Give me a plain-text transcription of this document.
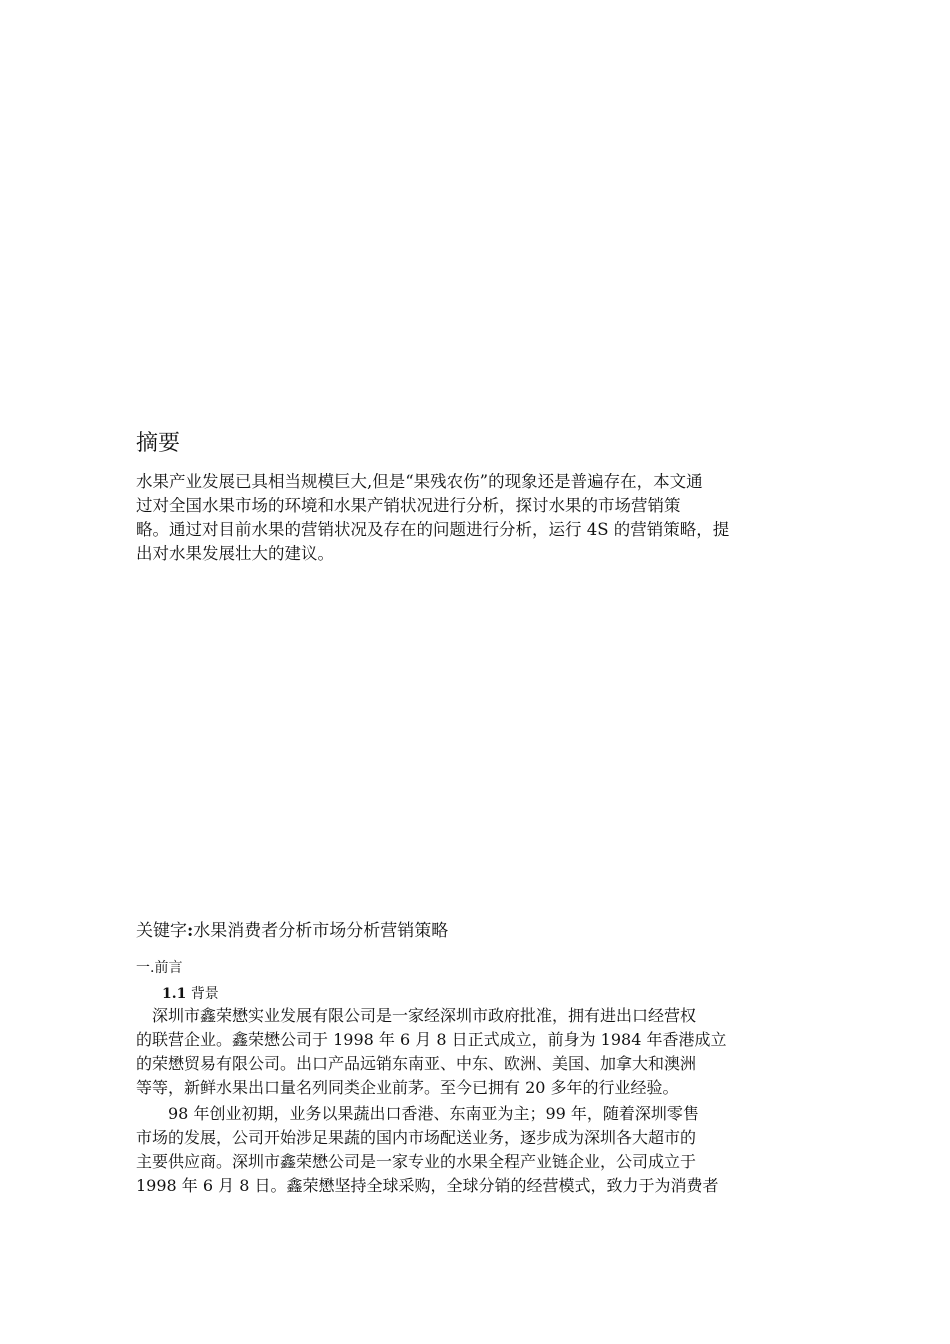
摘要

水果产业发展已具相当规模巨大,但是“果残农伤”的现象还是普遍存在，本文通
过对全国水果市场的环境和水果产销状况进行分析，探讨水果的市场营销策
略。通过对目前水果的营销状况及存在的问题进行分析，运行 4S 的营销策略，提
出对水果发展壮大的建议。

关键字:水果消费者分析市场分析营销策略
一.前言
1.1 背景
　深圳市鑫荣懋实业发展有限公司是一家经深圳市政府批准，拥有进出口经营权
的联营企业。鑫荣懋公司于 1998 年 6 月 8 日正式成立，前身为 1984 年香港成立
的荣懋贸易有限公司。出口产品远销东南亚、中东、欧洲、美国、加拿大和澳洲
等等，新鲜水果出口量名列同类企业前茅。至今已拥有 20 多年的行业经验。
　　98 年创业初期，业务以果蔬出口香港、东南亚为主；99 年，随着深圳零售
市场的发展，公司开始涉足果蔬的国内市场配送业务，逐步成为深圳各大超市的
主要供应商。深圳市鑫荣懋公司是一家专业的水果全程产业链企业，公司成立于
1998 年 6 月 8 日。鑫荣懋坚持全球采购，全球分销的经营模式，致力于为消费者
